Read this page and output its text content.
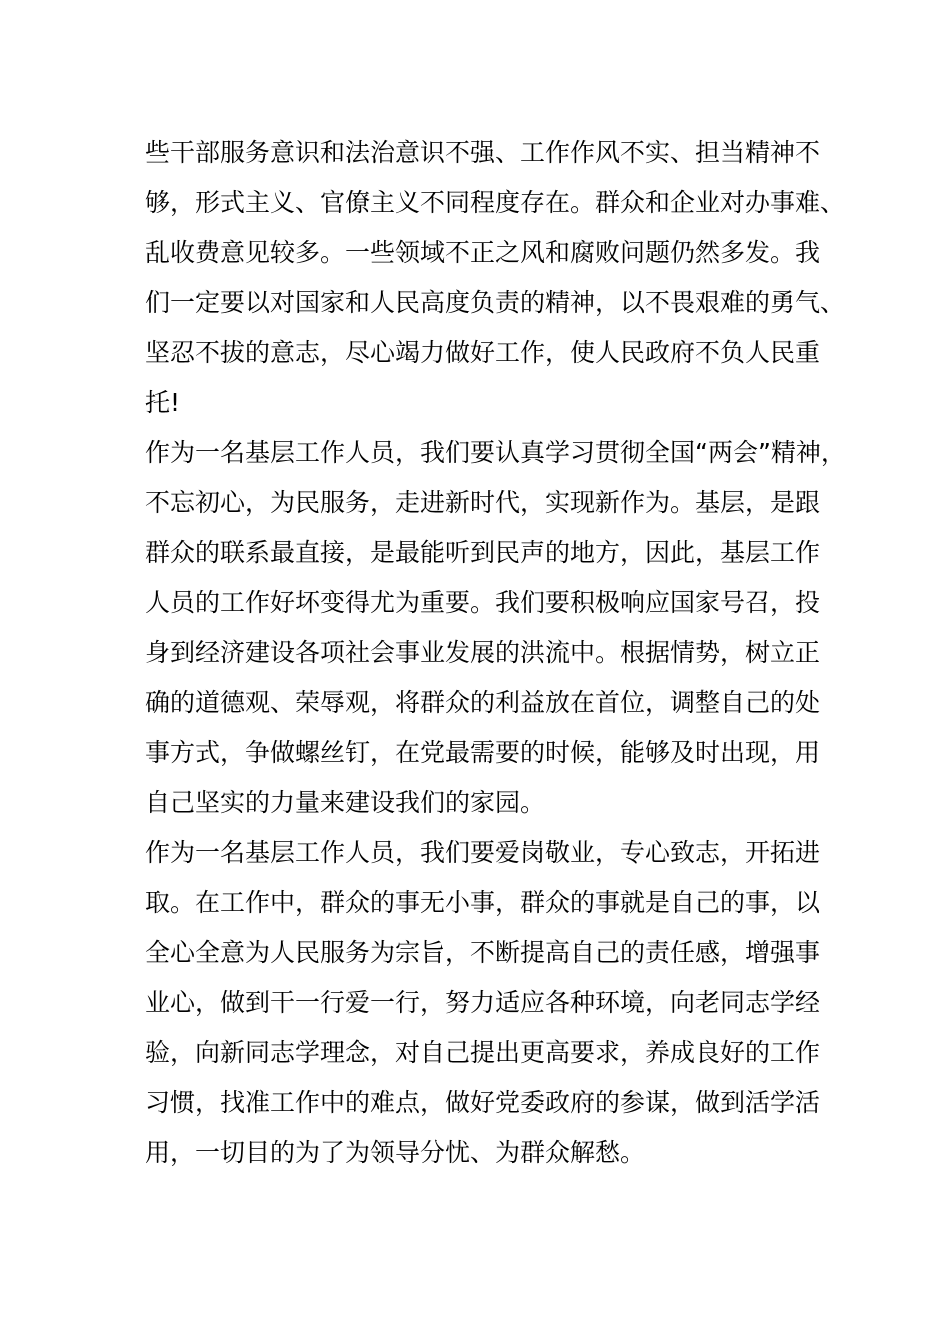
些干部服务意识和法治意识不强、工作作风不实、担当精神不
够，形式主义、官僚主义不同程度存在。群众和企业对办事难、
乱收费意见较多。一些领域不正之风和腐败问题仍然多发。我
们一定要以对国家和人民高度负责的精神，以不畏艰难的勇气、
坚忍不拔的意志，尽心竭力做好工作，使人民政府不负人民重
托!
作为一名基层工作人员，我们要认真学习贯彻全国“两会”精神，
不忘初心，为民服务，走进新时代，实现新作为。基层，是跟
群众的联系最直接，是最能听到民声的地方，因此，基层工作
人员的工作好坏变得尤为重要。我们要积极响应国家号召，投
身到经济建设各项社会事业发展的洪流中。根据情势，树立正
确的道德观、荣辱观，将群众的利益放在首位，调整自己的处
事方式，争做螺丝钉，在党最需要的时候，能够及时出现，用
自己坚实的力量来建设我们的家园。
作为一名基层工作人员，我们要爱岗敬业，专心致志，开拓进
取。在工作中，群众的事无小事，群众的事就是自己的事，以
全心全意为人民服务为宗旨，不断提高自己的责任感，增强事
业心，做到干一行爱一行，努力适应各种环境，向老同志学经
验，向新同志学理念，对自己提出更高要求，养成良好的工作
习惯，找准工作中的难点，做好党委政府的参谋，做到活学活
用，一切目的为了为领导分忧、为群众解愁。
